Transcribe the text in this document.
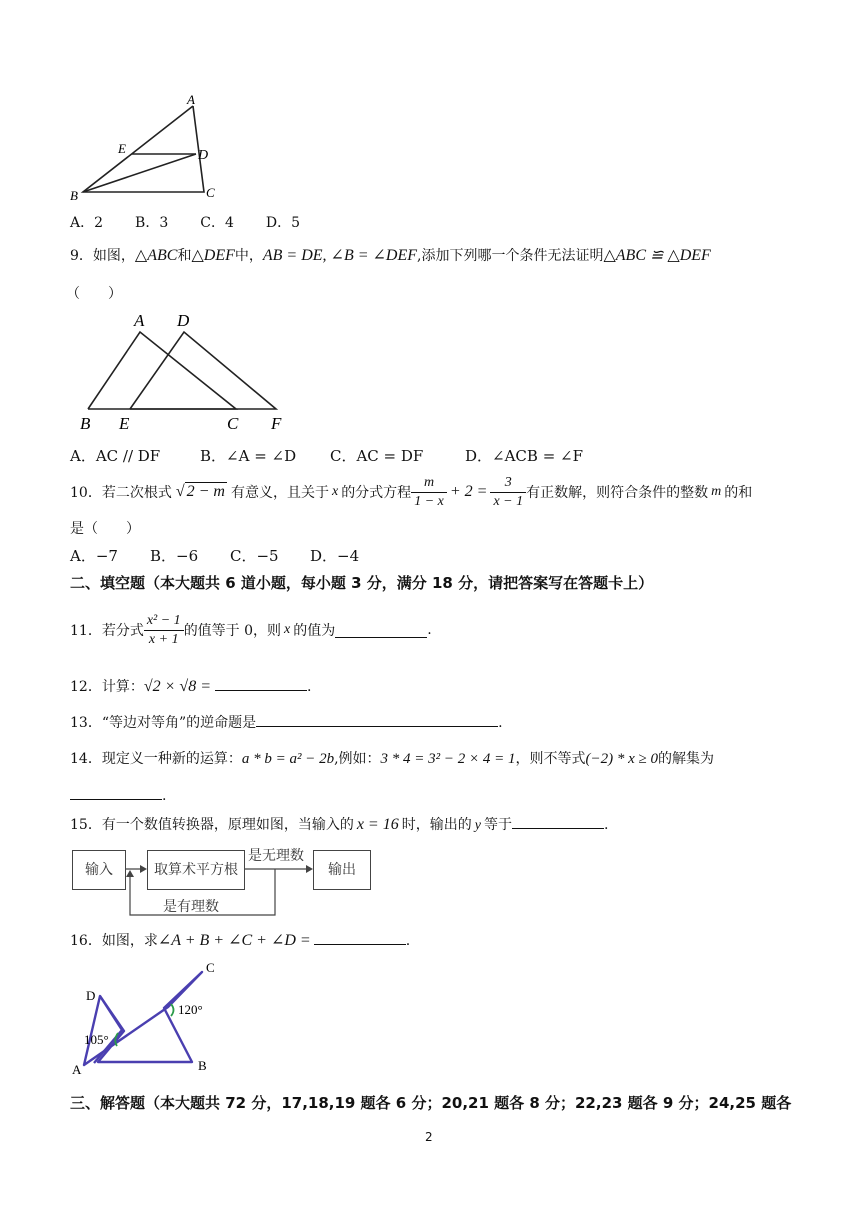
A
E	D
B	C
A．2 B．3 C．4 D．5
9．如图，△ABC和△DEF中，AB = DE, ∠B = ∠DEF,添加下列哪一个条件无法证明△ABC ≌ △DEF
（　　）
A D
B E	C F
A．AC // DF	B．∠A = ∠D C．AC = DF	D．∠ACB = ∠F
10．若二次根式 √ 2 − m 有意义，且关于 x 的分式方程 $\frac{m}{1 - x} + 2 = \frac{3}{x - 1}$ 有正数解，则符合条件的整数 m 的和
是（　　）
A．−7 B．−6 C．−5 D．−4
二、填空题（本大题共 6 道小题，每小题 3 分，满分 18 分，请把答案写在答题卡上）
11．若分式 $\frac{\text{x² − 1}}{x + 1}$ 的值等于 0，则 x 的值为	.
12．计算：√2 × √8 =	.
13．“等边对等角”的逆命题是	.
14．现定义一种新的运算：a * b = a² − 2b,例如：3 * 4 = 3² − 2 × 4 = 1，则不等式(−2) * x ≥ 0的解集为
.
15．有一个数值转换器，原理如图，当输入的 x = 16 时，输出的 y 等于	.
输入	取算术平方根	输出
是无理数
是有理数
16．如图，求∠A + B + ∠C + ∠D =	.
C
D
120°
105°
A	B
三、解答题（本大题共 72 分，17,18,19 题各 6 分；20,21 题各 8 分；22,23 题各 9 分；24,25 题各
2
